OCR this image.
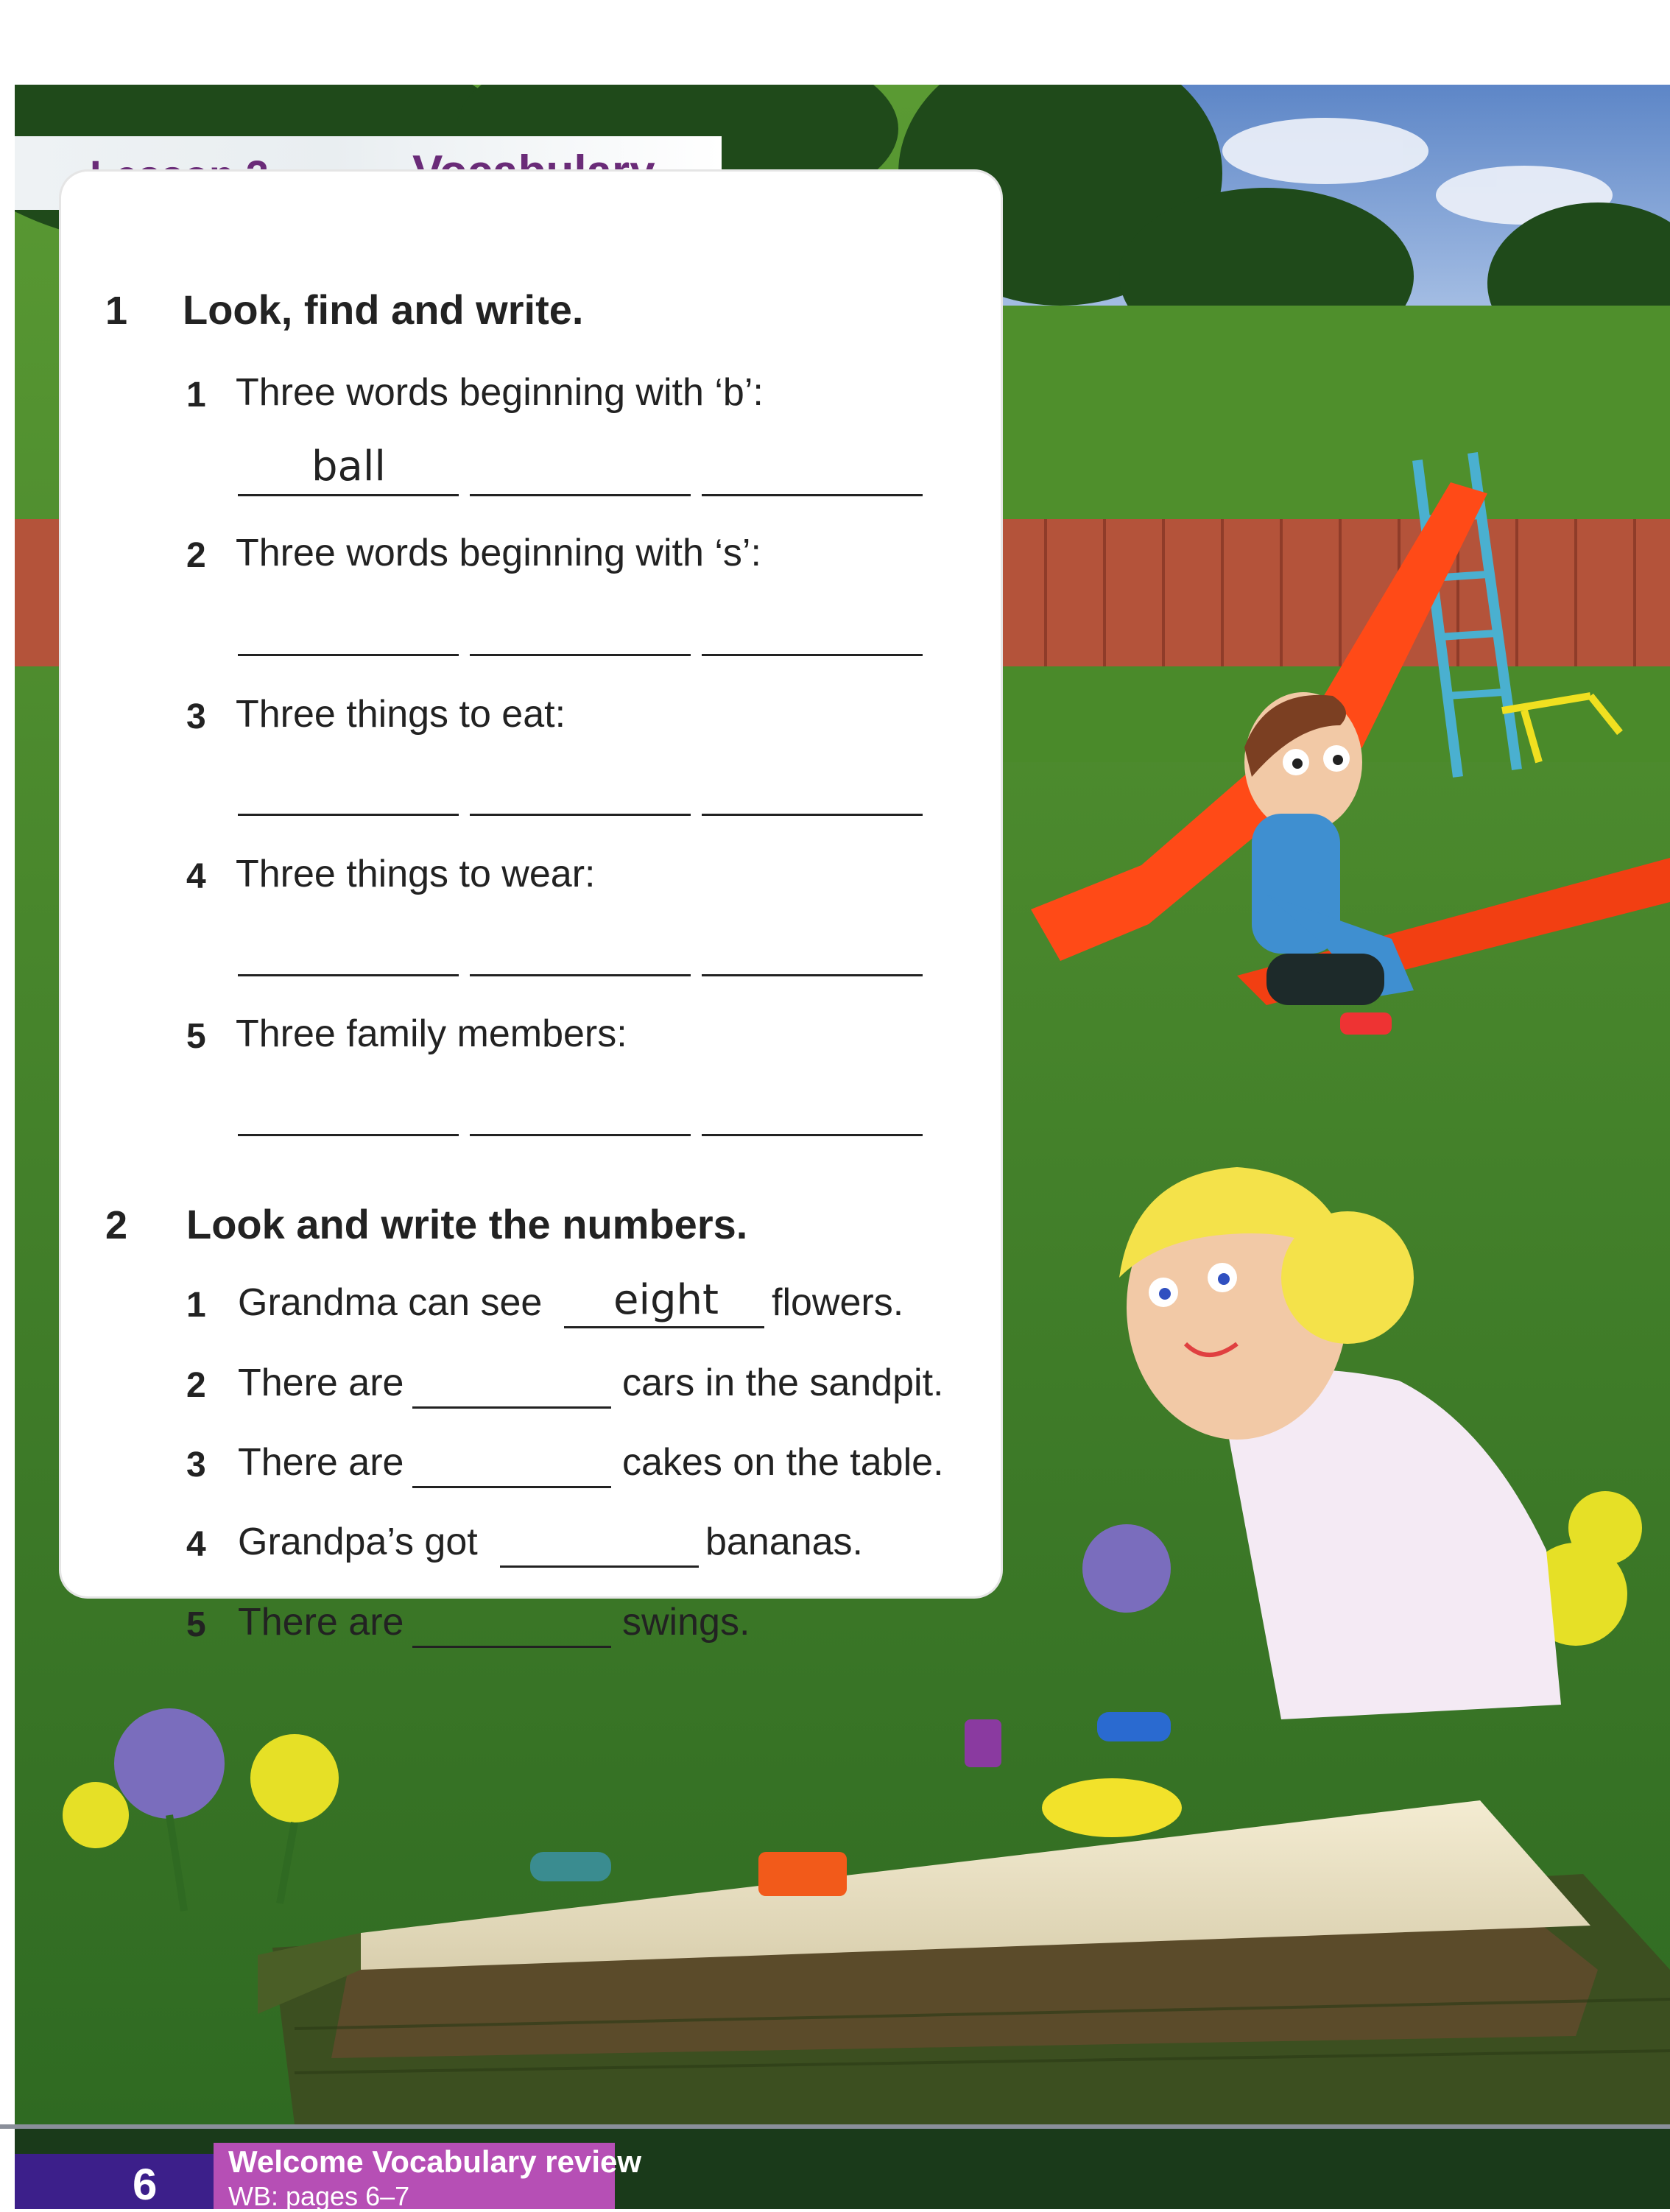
1 Look, find and write.
1 Three words beginning with ‘b’:
ball
2 Three words beginning with ‘s’:
3 Three things to eat:
4 Three things to wear:
5 Three family members:
2 Look and write the numbers.
1 Grandma can see eight flowers.
2 There are	cars in the sandpit.
3 There are	cakes on the table.
4 Grandpa’s got	bananas.
5 There are	swings.
6 Welcome Vocabulary review
WB: pages 6–7
